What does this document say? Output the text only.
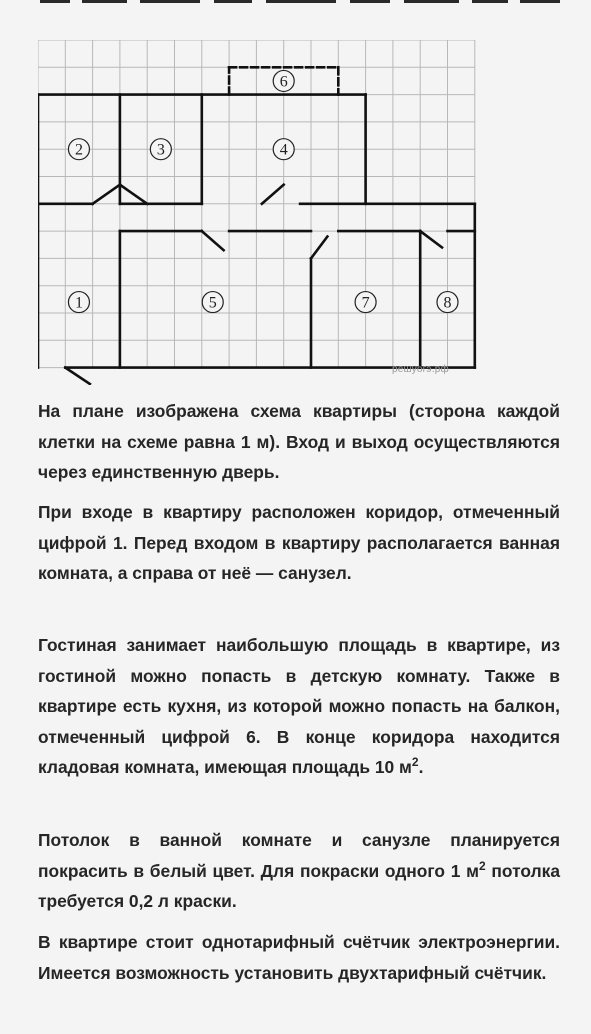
1
2	3	4
5
6
7	8
решуогэ.рф

На плане изображена схема квартиры (сторона каждой клетки на схеме равна 1 м). Вход и выход осуществляются через единственную дверь.

При входе в квартиру расположен коридор, отмеченный цифрой 1. Перед входом в квартиру располагается ванная комната, а справа от неё — санузел.

Гостиная занимает наибольшую площадь в квартире, из гостиной можно попасть в детскую комнату. Также в квартире есть кухня, из которой можно попасть на балкон, отмеченный цифрой 6. В конце коридора находится кладовая комната, имеющая площадь 10 $м^2$.

Потолок в ванной комнате и санузле планируется покрасить в белый цвет. Для покраски одного 1 $м^2$ потолка требуется 0,2 л краски.

В квартире стоит однотарифный счётчик электроэнергии. Имеется возможность установить двухтарифный счётчик.
